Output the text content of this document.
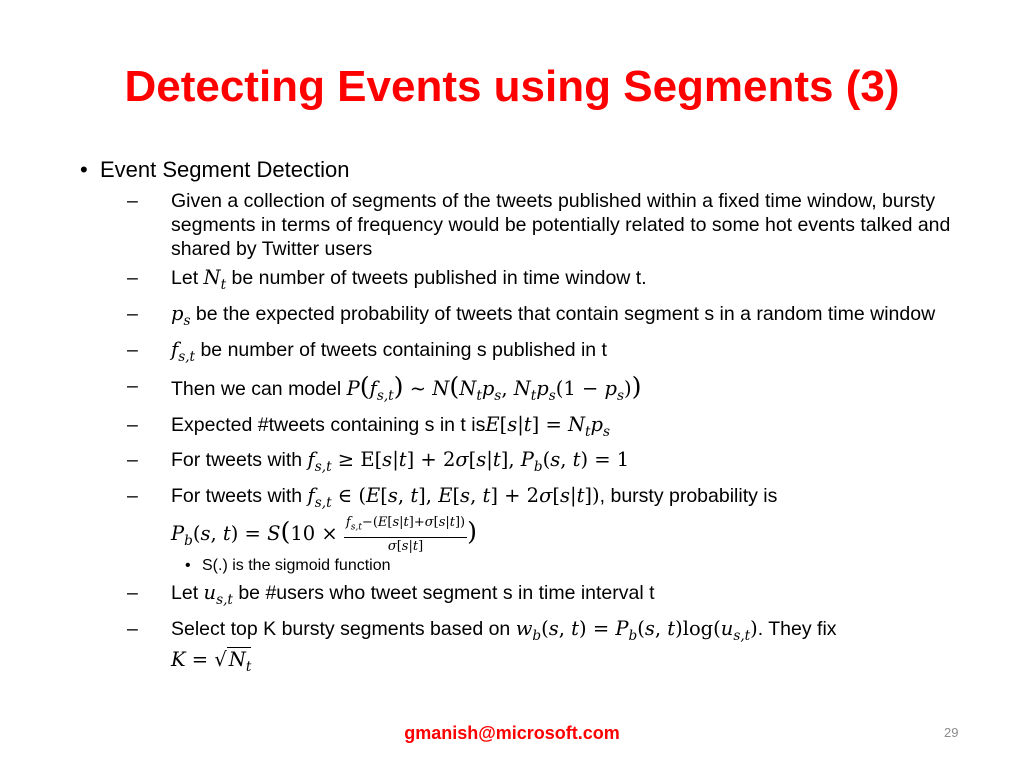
Detecting Events using Segments (3)
• Event Segment Detection
– Given a collection of segments of the tweets published within a fixed time window, bursty segments in terms of frequency would be potentially related to some hot events talked and shared by Twitter users
– Let $N_t$ be number of tweets published in time window t.
– $p_s$ be the expected probability of tweets that contain segment s in a random time window
– $f_{s,t}$ be number of tweets containing s published in t
– Then we can model $P(f_{s,t})$ ~ $N(N_tp_s$, $N_tp_s(1 - p_s)$)
– Expected #tweets containing s in t $isE[s|t] = N_tp_s$
– For tweets with $f_{s,t} \ge E[s|t] + 2\sigma[s|t]$, $P_b(s$, t) = 1
– For tweets with $f_{s,t}$ ∈ (E[s, t], E[s, t] + 2σ[s|t]), bursty probability is
$P_b(s$, $t) = S(10 \times \frac{f_{s,t}-(E[s|t]+\sigma[s|t])}{\sigma[s|t]}$ )
• S(.) is the sigmoid function
– Let $u_{s,t}$ be #users who tweet segment s in time interval t
– Select top K bursty segments based on $w_b(s$, $t) = P_b(s$, $t)\log(u_{s,t})$. They fix
K = √ $N_t$
gmanish@microsoft.com	29
